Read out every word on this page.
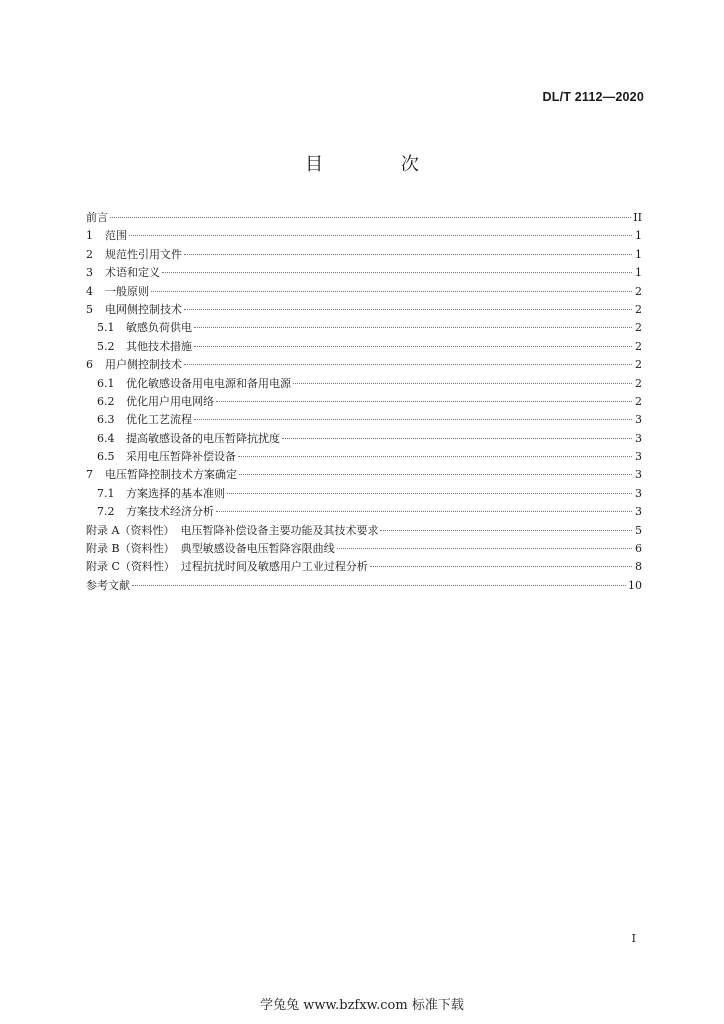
DL/T 2112—2020
目 次
前言	II
1	范围	1
2	规范性引用文件	1
3	术语和定义	1
4	一般原则	2
5	电网侧控制技术	2
5.1	敏感负荷供电	2
5.2	其他技术措施	2
6	用户侧控制技术	2
6.1	优化敏感设备用电电源和备用电源	2
6.2	优化用户用电网络	2
6.3	优化工艺流程	3
6.4	提高敏感设备的电压暂降抗扰度	3
6.5	采用电压暂降补偿设备	3
7	电压暂降控制技术方案确定	3
7.1	方案选择的基本准则	3
7.2	方案技术经济分析	3
附录 A（资料性） 电压暂降补偿设备主要功能及其技术要求	5
附录 B（资料性） 典型敏感设备电压暂降容限曲线	6
附录 C（资料性） 过程抗扰时间及敏感用户工业过程分析	8
参考文献	10
I
学兔兔 www.bzfxw.com 标准下载
